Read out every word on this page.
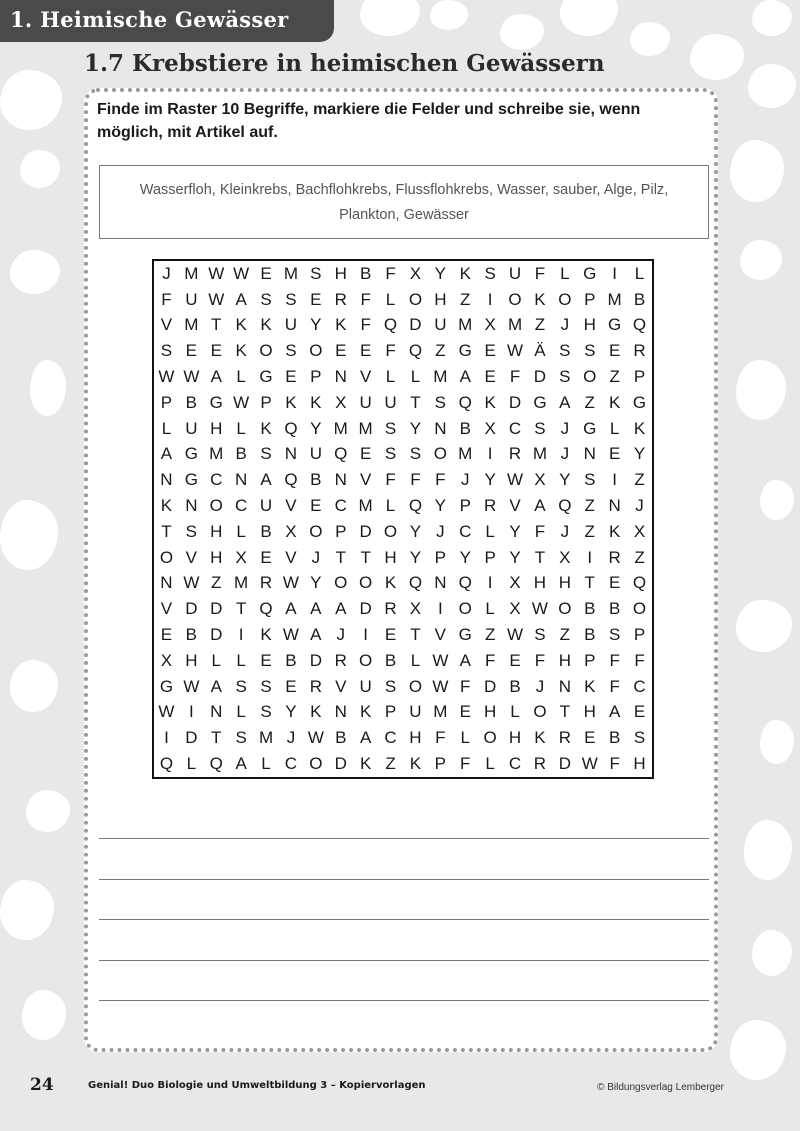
1. Heimische Gewässer
1.7 Krebstiere in heimischen Gewässern
Finde im Raster 10 Begriffe, markiere die Felder und schreibe sie, wenn möglich, mit Artikel auf.
Wasserfloh, Kleinkrebs, Bachflohkrebs, Flussflohkrebs, Wasser, sauber, Alge, Pilz, Plankton, Gewässer
J M W W E M S H B F X Y K S U F L G I	L
F U W A S S E R F L O H Z	I O K O P M B
V M T K K U Y K F Q D U M X M Z J H G Q
S E E K O S O E E F Q Z G E W Ä S S E R
W W A L G E P N V L L M A E F D S O Z P
P B G W P K K X U U T S Q K D G A Z K G
L U H L K Q Y M M S Y N B X C S J G L K
A G M B S N U Q E S S O M I R M J N E Y
N G C N A Q B N V F F F J Y W X Y S I	Z
K N O C U V E C M L Q Y P R V A Q Z N J
T S H L B X O P D O Y J C L Y F J Z K X
O V H X E V J T T H Y P Y P Y T X I R Z
N W Z M R W Y O O K Q N Q I X H H T E Q
V D D T Q A A A D R X I O L X W O B B O
E B D I K W A J	I E T V G Z W S Z B S P
X H L L E B D R O B L W A F E F H P F F
G W A S S E R V U S O W F D B J N K F C
W I N L S Y K N K P U M E H L O T H A E
I D T S M J W B A C H F L O H K R E B S
Q L Q A L C O D K Z K P F L C R D W F H
24	Genial! Duo Biologie und Umweltbildung 3 – Kopiervorlagen	© Bildungsverlag Lemberger
